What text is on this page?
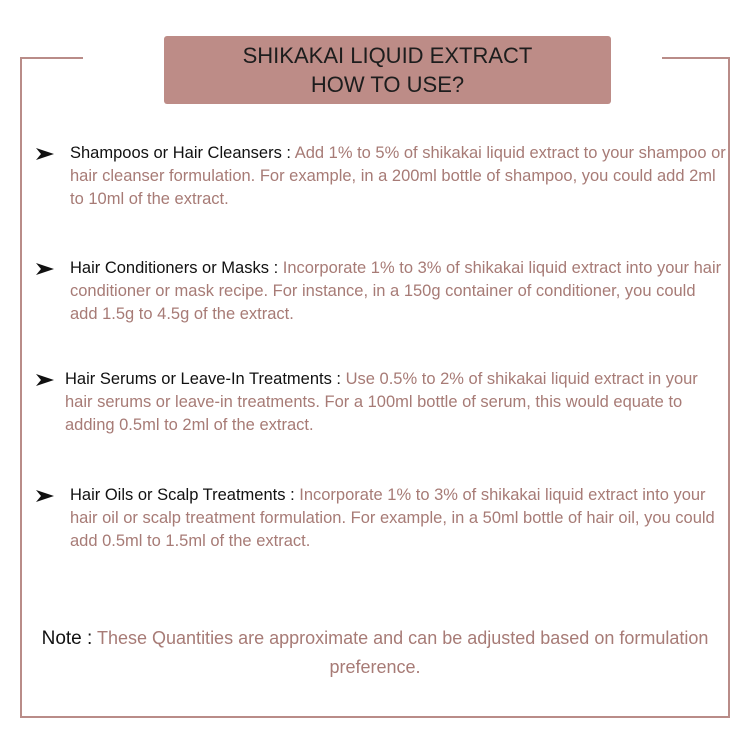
SHIKAKAI LIQUID EXTRACT
HOW TO USE?

Shampoos or Hair Cleansers : Add 1% to 5% of shikakai liquid extract to your shampoo or hair cleanser formulation. For example, in a 200ml bottle of shampoo, you could add 2ml to 10ml of the extract.

Hair Conditioners or Masks : Incorporate 1% to 3% of shikakai liquid extract into your hair conditioner or mask recipe. For instance, in a 150g container of conditioner, you could add 1.5g to 4.5g of the extract.

Hair Serums or Leave-In Treatments : Use 0.5% to 2% of shikakai liquid extract in your hair serums or leave-in treatments. For a 100ml bottle of serum, this would equate to adding 0.5ml to 2ml of the extract.

Hair Oils or Scalp Treatments : Incorporate 1% to 3% of shikakai liquid extract into your hair oil or scalp treatment formulation. For example, in a 50ml bottle of hair oil, you could add 0.5ml to 1.5ml of the extract.

Note : These Quantities are approximate and can be adjusted based on formulation preference.
